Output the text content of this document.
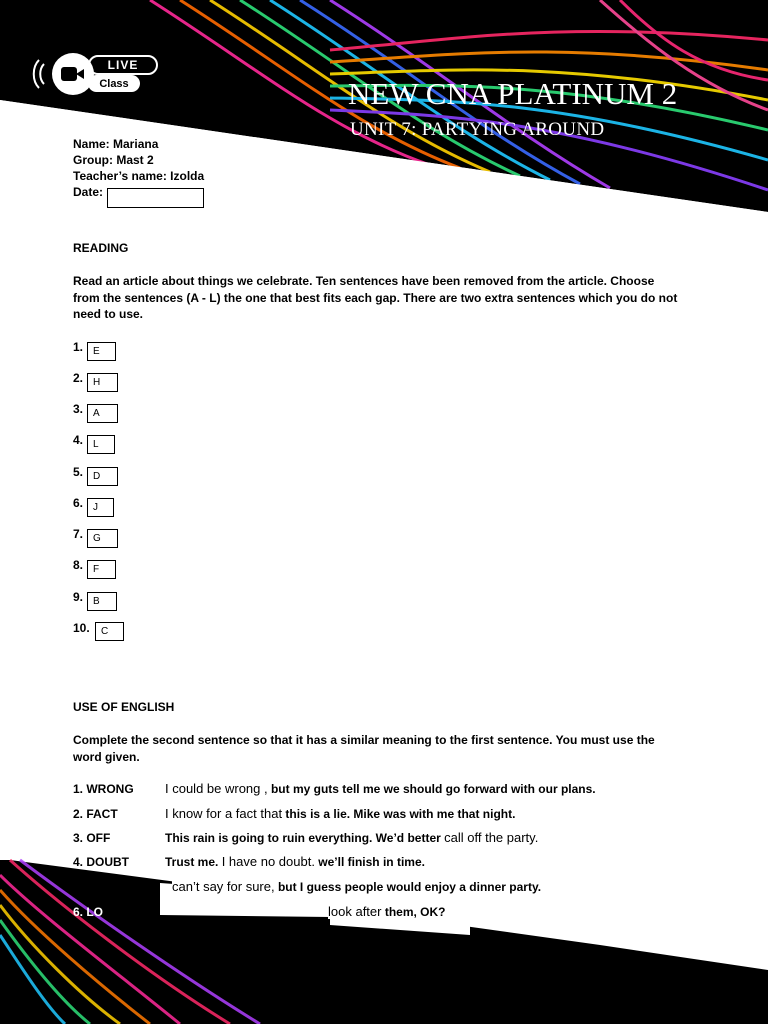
LIVE
Class	NEW CNA PLATINUM 2
UNIT 7: PARTYING AROUND
Name: Mariana
Group: Mast 2
Teacher’s name: Izolda
Date:
READING
Read an article about things we celebrate. Ten sentences have been removed from the article. Choose from the sentences (A - L) the one that best fits each gap. There are two extra sentences which you do not need to use.
1. E
2. H
3. A
4. L
5. D
6. J
7. G
8. F
9. B
10.	C
USE OF ENGLISH
Complete the second sentence so that it has a similar meaning to the first sentence. You must use the word given.
1. WRONG I could be wrong , but my guts tell me we should go forward with our plans.
2. FACT	I know for a fact that this is a lie. Mike was with me that night.
3. OFF	This rain is going to ruin everything. We’d better call off the party.
4. DOUBT	Trust me. I have no doubt. we’ll finish in time.
can’t say for sure, but I guess people would enjoy a dinner party.
6. LO	look after them, OK?
